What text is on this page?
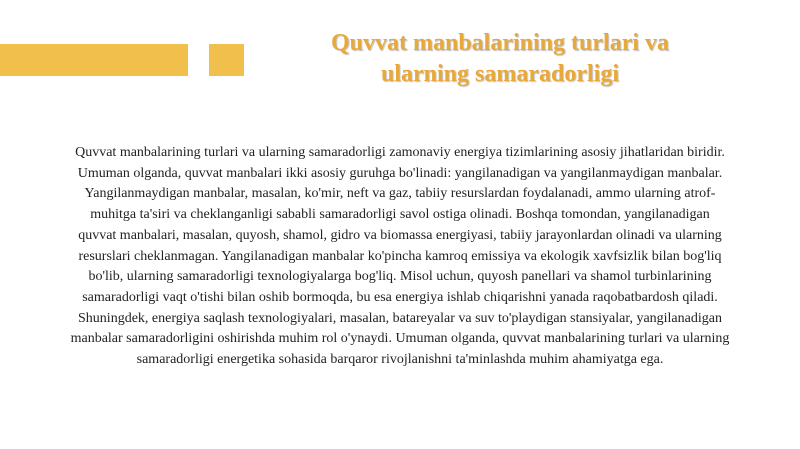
Quvvat manbalarining turlari va ularning samaradorligi

Quvvat manbalarining turlari va ularning samaradorligi zamonaviy energiya tizimlarining asosiy jihatlaridan biridir. Umuman olganda, quvvat manbalari ikki asosiy guruhga bo'linadi: yangilanadigan va yangilanmaydigan manbalar. Yangilanmaydigan manbalar, masalan, ko'mir, neft va gaz, tabiiy resurslardan foydalanadi, ammo ularning atrof-muhitga ta'siri va cheklanganligi sababli samaradorligi savol ostiga olinadi. Boshqa tomondan, yangilanadigan quvvat manbalari, masalan, quyosh, shamol, gidro va biomassa energiyasi, tabiiy jarayonlardan olinadi va ularning resurslari cheklanmagan. Yangilanadigan manbalar ko'pincha kamroq emissiya va ekologik xavfsizlik bilan bog'liq bo'lib, ularning samaradorligi texnologiyalarga bog'liq. Misol uchun, quyosh panellari va shamol turbinlarining samaradorligi vaqt o'tishi bilan oshib bormoqda, bu esa energiya ishlab chiqarishni yanada raqobatbardosh qiladi. Shuningdek, energiya saqlash texnologiyalari, masalan, batareyalar va suv to'playdigan stansiyalar, yangilanadigan manbalar samaradorligini oshirishda muhim rol o'ynaydi. Umuman olganda, quvvat manbalarining turlari va ularning samaradorligi energetika sohasida barqaror rivojlanishni ta'minlashda muhim ahamiyatga ega.
